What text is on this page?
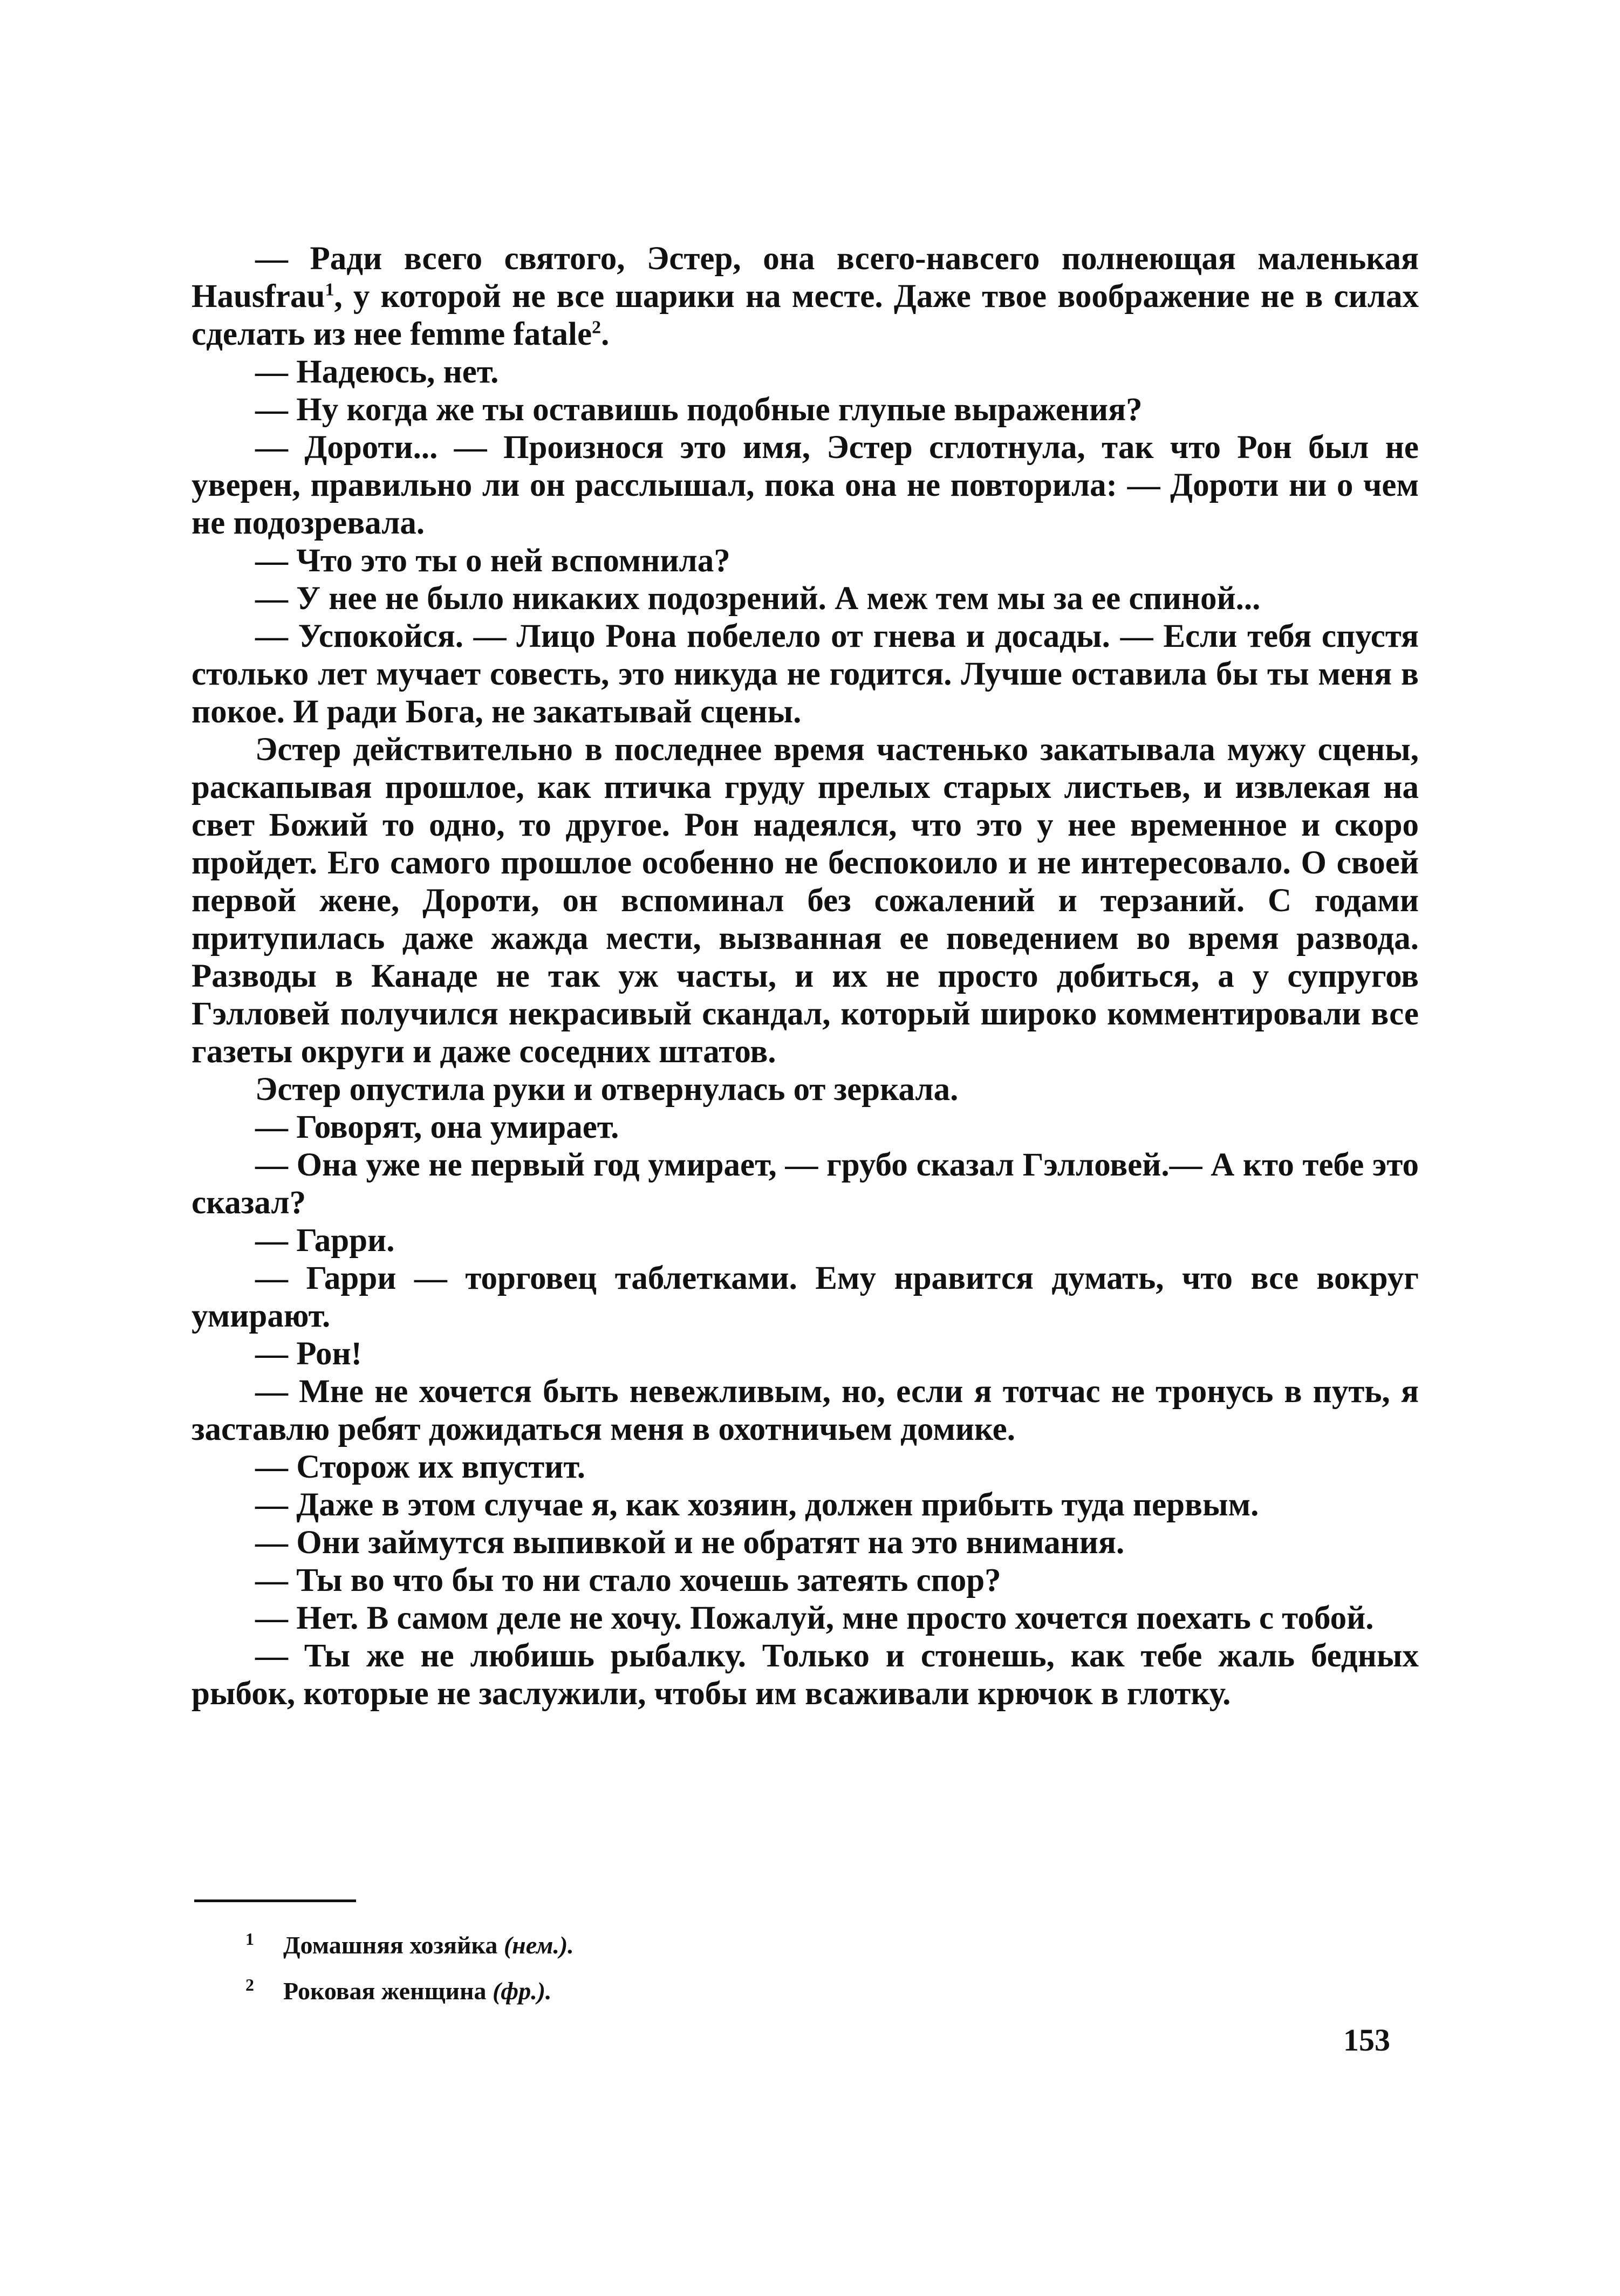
— Ради всего святого, Эстер, она всего-навсего полнеющая маленькая Hausfrau$^1$, у которой не все шарики на месте. Даже твое воображение не в силах сделать из нее femme fatale$^2$.

— Надеюсь, нет.

— Ну когда же ты оставишь подобные глупые выражения?

— Дороти... — Произнося это имя, Эстер сглотнула, так что Рон был не уверен, правильно ли он расслышал, пока она не повторила: — Дороти ни о чем не подозревала.

— Что это ты о ней вспомнила?

— У нее не было никаких подозрений. А меж тем мы за ее спиной...

— Успокойся. — Лицо Рона побелело от гнева и досады. — Если тебя спустя столько лет мучает совесть, это никуда не годится. Лучше оставила бы ты меня в покое. И ради Бога, не закатывай сцены.

Эстер действительно в последнее время частенько закатывала мужу сцены, раскапывая прошлое, как птичка груду прелых старых листьев, и извлекая на свет Божий то одно, то другое. Рон надеялся, что это у нее временное и скоро пройдет. Его самого прошлое особенно не беспокоило и не интересовало. О своей первой жене, Дороти, он вспоминал без сожалений и терзаний. С годами притупилась даже жажда мести, вызванная ее поведением во время развода. Разводы в Канаде не так уж часты, и их не просто добиться, а у супругов Гэлловей получился некрасивый скандал, который широко комментировали все газеты округи и даже соседних штатов.

Эстер опустила руки и отвернулась от зеркала.

— Говорят, она умирает.

— Она уже не первый год умирает, — грубо сказал Гэлловей.— А кто тебе это сказал?

— Гарри.

— Гарри — торговец таблетками. Ему нравится думать, что все вокруг умирают.

— Рон!

— Мне не хочется быть невежливым, но, если я тотчас не тронусь в путь, я заставлю ребят дожидаться меня в охотничьем домике.

— Сторож их впустит.

— Даже в этом случае я, как хозяин, должен прибыть туда первым.

— Они займутся выпивкой и не обратят на это внимания.

— Ты во что бы то ни стало хочешь затеять спор?

— Нет. В самом деле не хочу. Пожалуй, мне просто хочется поехать с тобой.

— Ты же не любишь рыбалку. Только и стонешь, как тебе жаль бедных рыбок, которые не заслужили, чтобы им всаживали крючок в глотку.

1 Домашняя хозяйка (нем.).

2 Роковая женщина (фр.).

153
